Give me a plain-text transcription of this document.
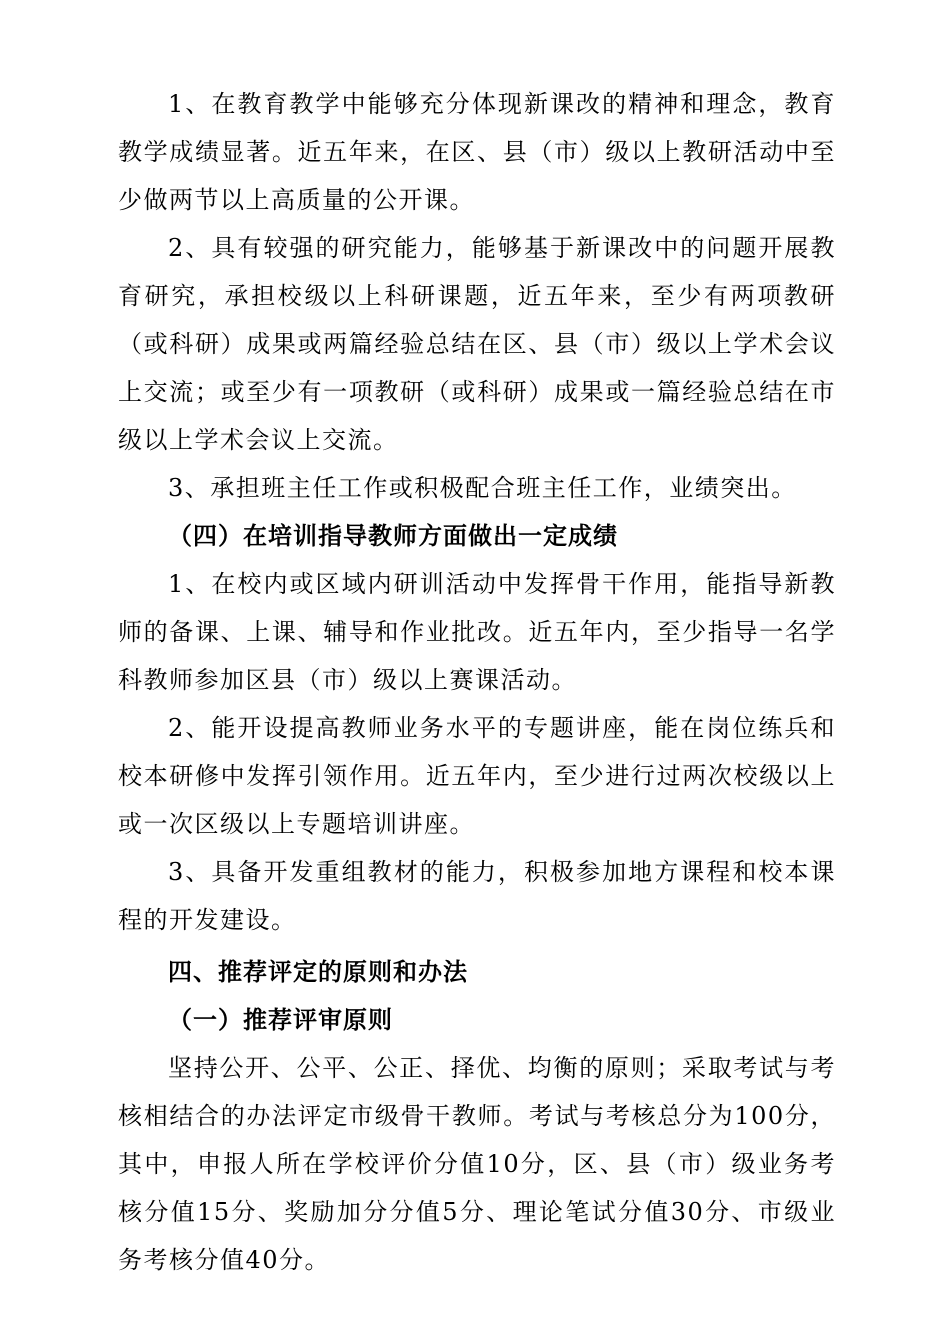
1、在教育教学中能够充分体现新课改的精神和理念，教育教学成绩显著。近五年来，在区、县（市）级以上教研活动中至少做两节以上高质量的公开课。

2、具有较强的研究能力，能够基于新课改中的问题开展教育研究，承担校级以上科研课题，近五年来，至少有两项教研（或科研）成果或两篇经验总结在区、县（市）级以上学术会议上交流；或至少有一项教研（或科研）成果或一篇经验总结在市级以上学术会议上交流。

3、承担班主任工作或积极配合班主任工作，业绩突出。

（四）在培训指导教师方面做出一定成绩

1、在校内或区域内研训活动中发挥骨干作用，能指导新教师的备课、上课、辅导和作业批改。近五年内，至少指导一名学科教师参加区县（市）级以上赛课活动。

2、能开设提高教师业务水平的专题讲座，能在岗位练兵和校本研修中发挥引领作用。近五年内，至少进行过两次校级以上或一次区级以上专题培训讲座。

3、具备开发重组教材的能力，积极参加地方课程和校本课程的开发建设。

四、推荐评定的原则和办法

（一）推荐评审原则

坚持公开、公平、公正、择优、均衡的原则；采取考试与考核相结合的办法评定市级骨干教师。考试与考核总分为100分，其中，申报人所在学校评价分值10分，区、县（市）级业务考核分值15分、奖励加分分值5分、理论笔试分值30分、市级业务考核分值40分。
